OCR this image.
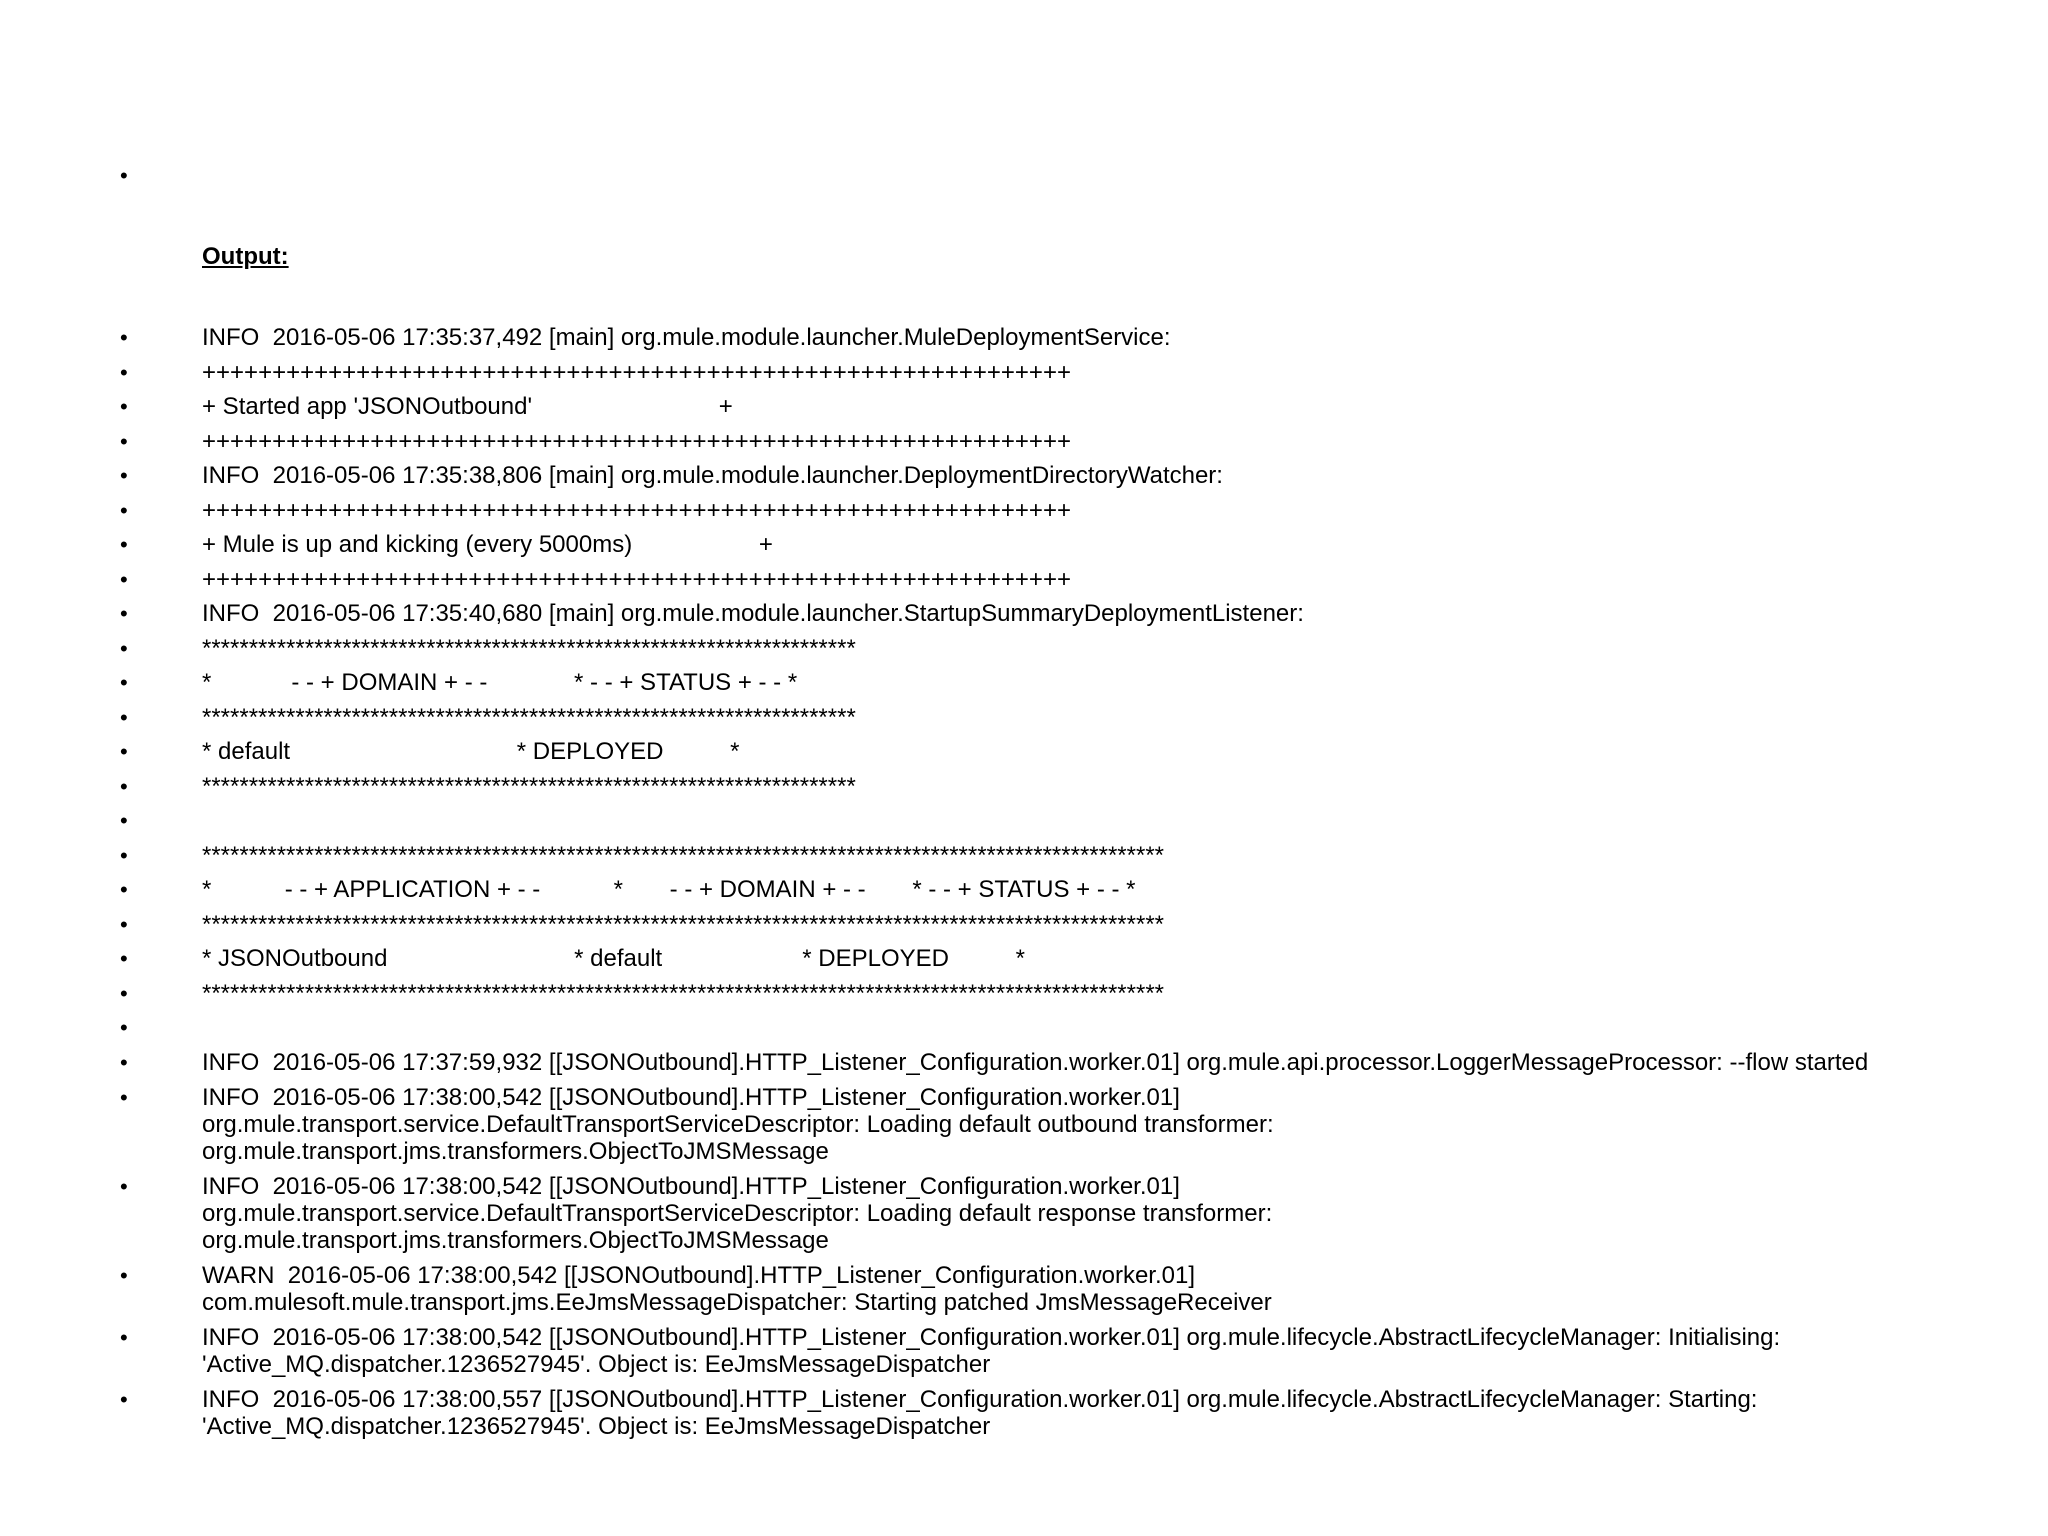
•

Output:

•	INFO  2016-05-06 17:35:37,492 [main] org.mule.module.launcher.MuleDeploymentService:
•	++++++++++++++++++++++++++++++++++++++++++++++++++++++++++++++
•	+ Started app 'JSONOutbound'                            +
•	++++++++++++++++++++++++++++++++++++++++++++++++++++++++++++++
•	INFO  2016-05-06 17:35:38,806 [main] org.mule.module.launcher.DeploymentDirectoryWatcher:
•	++++++++++++++++++++++++++++++++++++++++++++++++++++++++++++++
•	+ Mule is up and kicking (every 5000ms)                   +
•	++++++++++++++++++++++++++++++++++++++++++++++++++++++++++++++
•	INFO  2016-05-06 17:35:40,680 [main] org.mule.module.launcher.StartupSummaryDeploymentListener:
•	**********************************************************************
•	*            - - + DOMAIN + - -             * - - + STATUS + - - *
•	**********************************************************************
•	* default                                  * DEPLOYED          *
•	**********************************************************************
•
•	*******************************************************************************************************
•	*           - - + APPLICATION + - -           *       - - + DOMAIN + - -       * - - + STATUS + - - *
•	*******************************************************************************************************
•	* JSONOutbound                            * default                     * DEPLOYED          *
•	*******************************************************************************************************
•
•	INFO  2016-05-06 17:37:59,932 [[JSONOutbound].HTTP_Listener_Configuration.worker.01] org.mule.api.processor.LoggerMessageProcessor: --flow started
•	INFO  2016-05-06 17:38:00,542 [[JSONOutbound].HTTP_Listener_Configuration.worker.01]
org.mule.transport.service.DefaultTransportServiceDescriptor: Loading default outbound transformer:
org.mule.transport.jms.transformers.ObjectToJMSMessage
•	INFO  2016-05-06 17:38:00,542 [[JSONOutbound].HTTP_Listener_Configuration.worker.01]
org.mule.transport.service.DefaultTransportServiceDescriptor: Loading default response transformer:
org.mule.transport.jms.transformers.ObjectToJMSMessage
•	WARN  2016-05-06 17:38:00,542 [[JSONOutbound].HTTP_Listener_Configuration.worker.01]
com.mulesoft.mule.transport.jms.EeJmsMessageDispatcher: Starting patched JmsMessageReceiver
•	INFO  2016-05-06 17:38:00,542 [[JSONOutbound].HTTP_Listener_Configuration.worker.01] org.mule.lifecycle.AbstractLifecycleManager: Initialising: 'Active_MQ.dispatcher.1236527945'. Object is: EeJmsMessageDispatcher
•	INFO  2016-05-06 17:38:00,557 [[JSONOutbound].HTTP_Listener_Configuration.worker.01] org.mule.lifecycle.AbstractLifecycleManager: Starting: 'Active_MQ.dispatcher.1236527945'. Object is: EeJmsMessageDispatcher
